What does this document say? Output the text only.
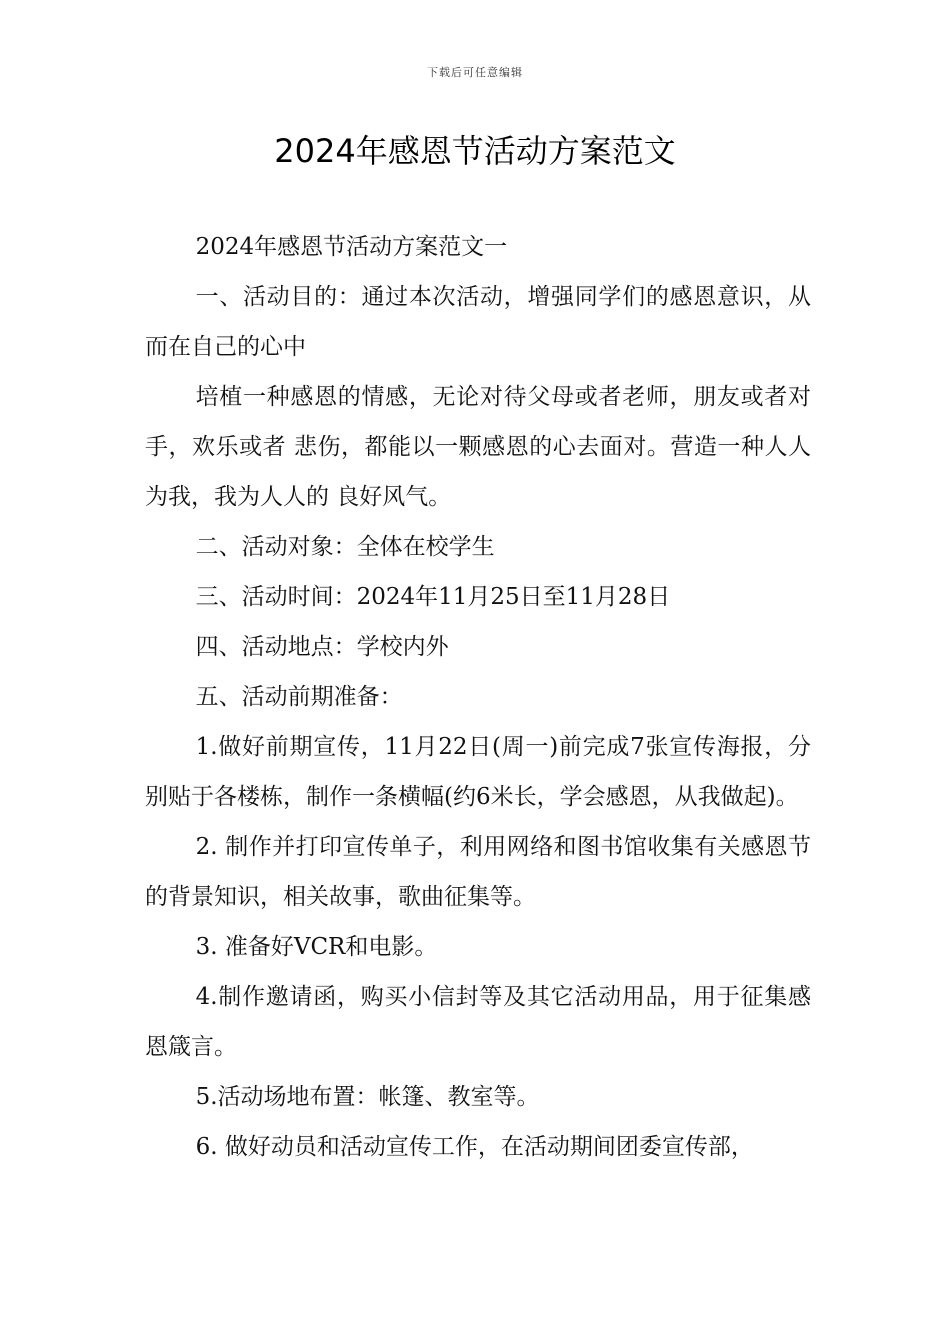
下载后可任意编辑
2024年感恩节活动方案范文

2024年感恩节活动方案范文一

一、活动目的：通过本次活动，增强同学们的感恩意识，从而在自己的心中

培植一种感恩的情感，无论对待父母或者老师，朋友或者对手，欢乐或者 悲伤，都能以一颗感恩的心去面对。营造一种人人为我，我为人人的 良好风气。

二、活动对象：全体在校学生

三、活动时间：2024年11月25日至11月28日

四、活动地点：学校内外

五、活动前期准备：

1.做好前期宣传，11月22日(周一)前完成7张宣传海报，分别贴于各楼栋，制作一条横幅(约6米长，学会感恩，从我做起)。

2. 制作并打印宣传单子，利用网络和图书馆收集有关感恩节的背景知识，相关故事，歌曲征集等。

3. 准备好VCR和电影。

4.制作邀请函，购买小信封等及其它活动用品，用于征集感恩箴言。

5.活动场地布置：帐篷、教室等。

6. 做好动员和活动宣传工作，在活动期间团委宣传部，
